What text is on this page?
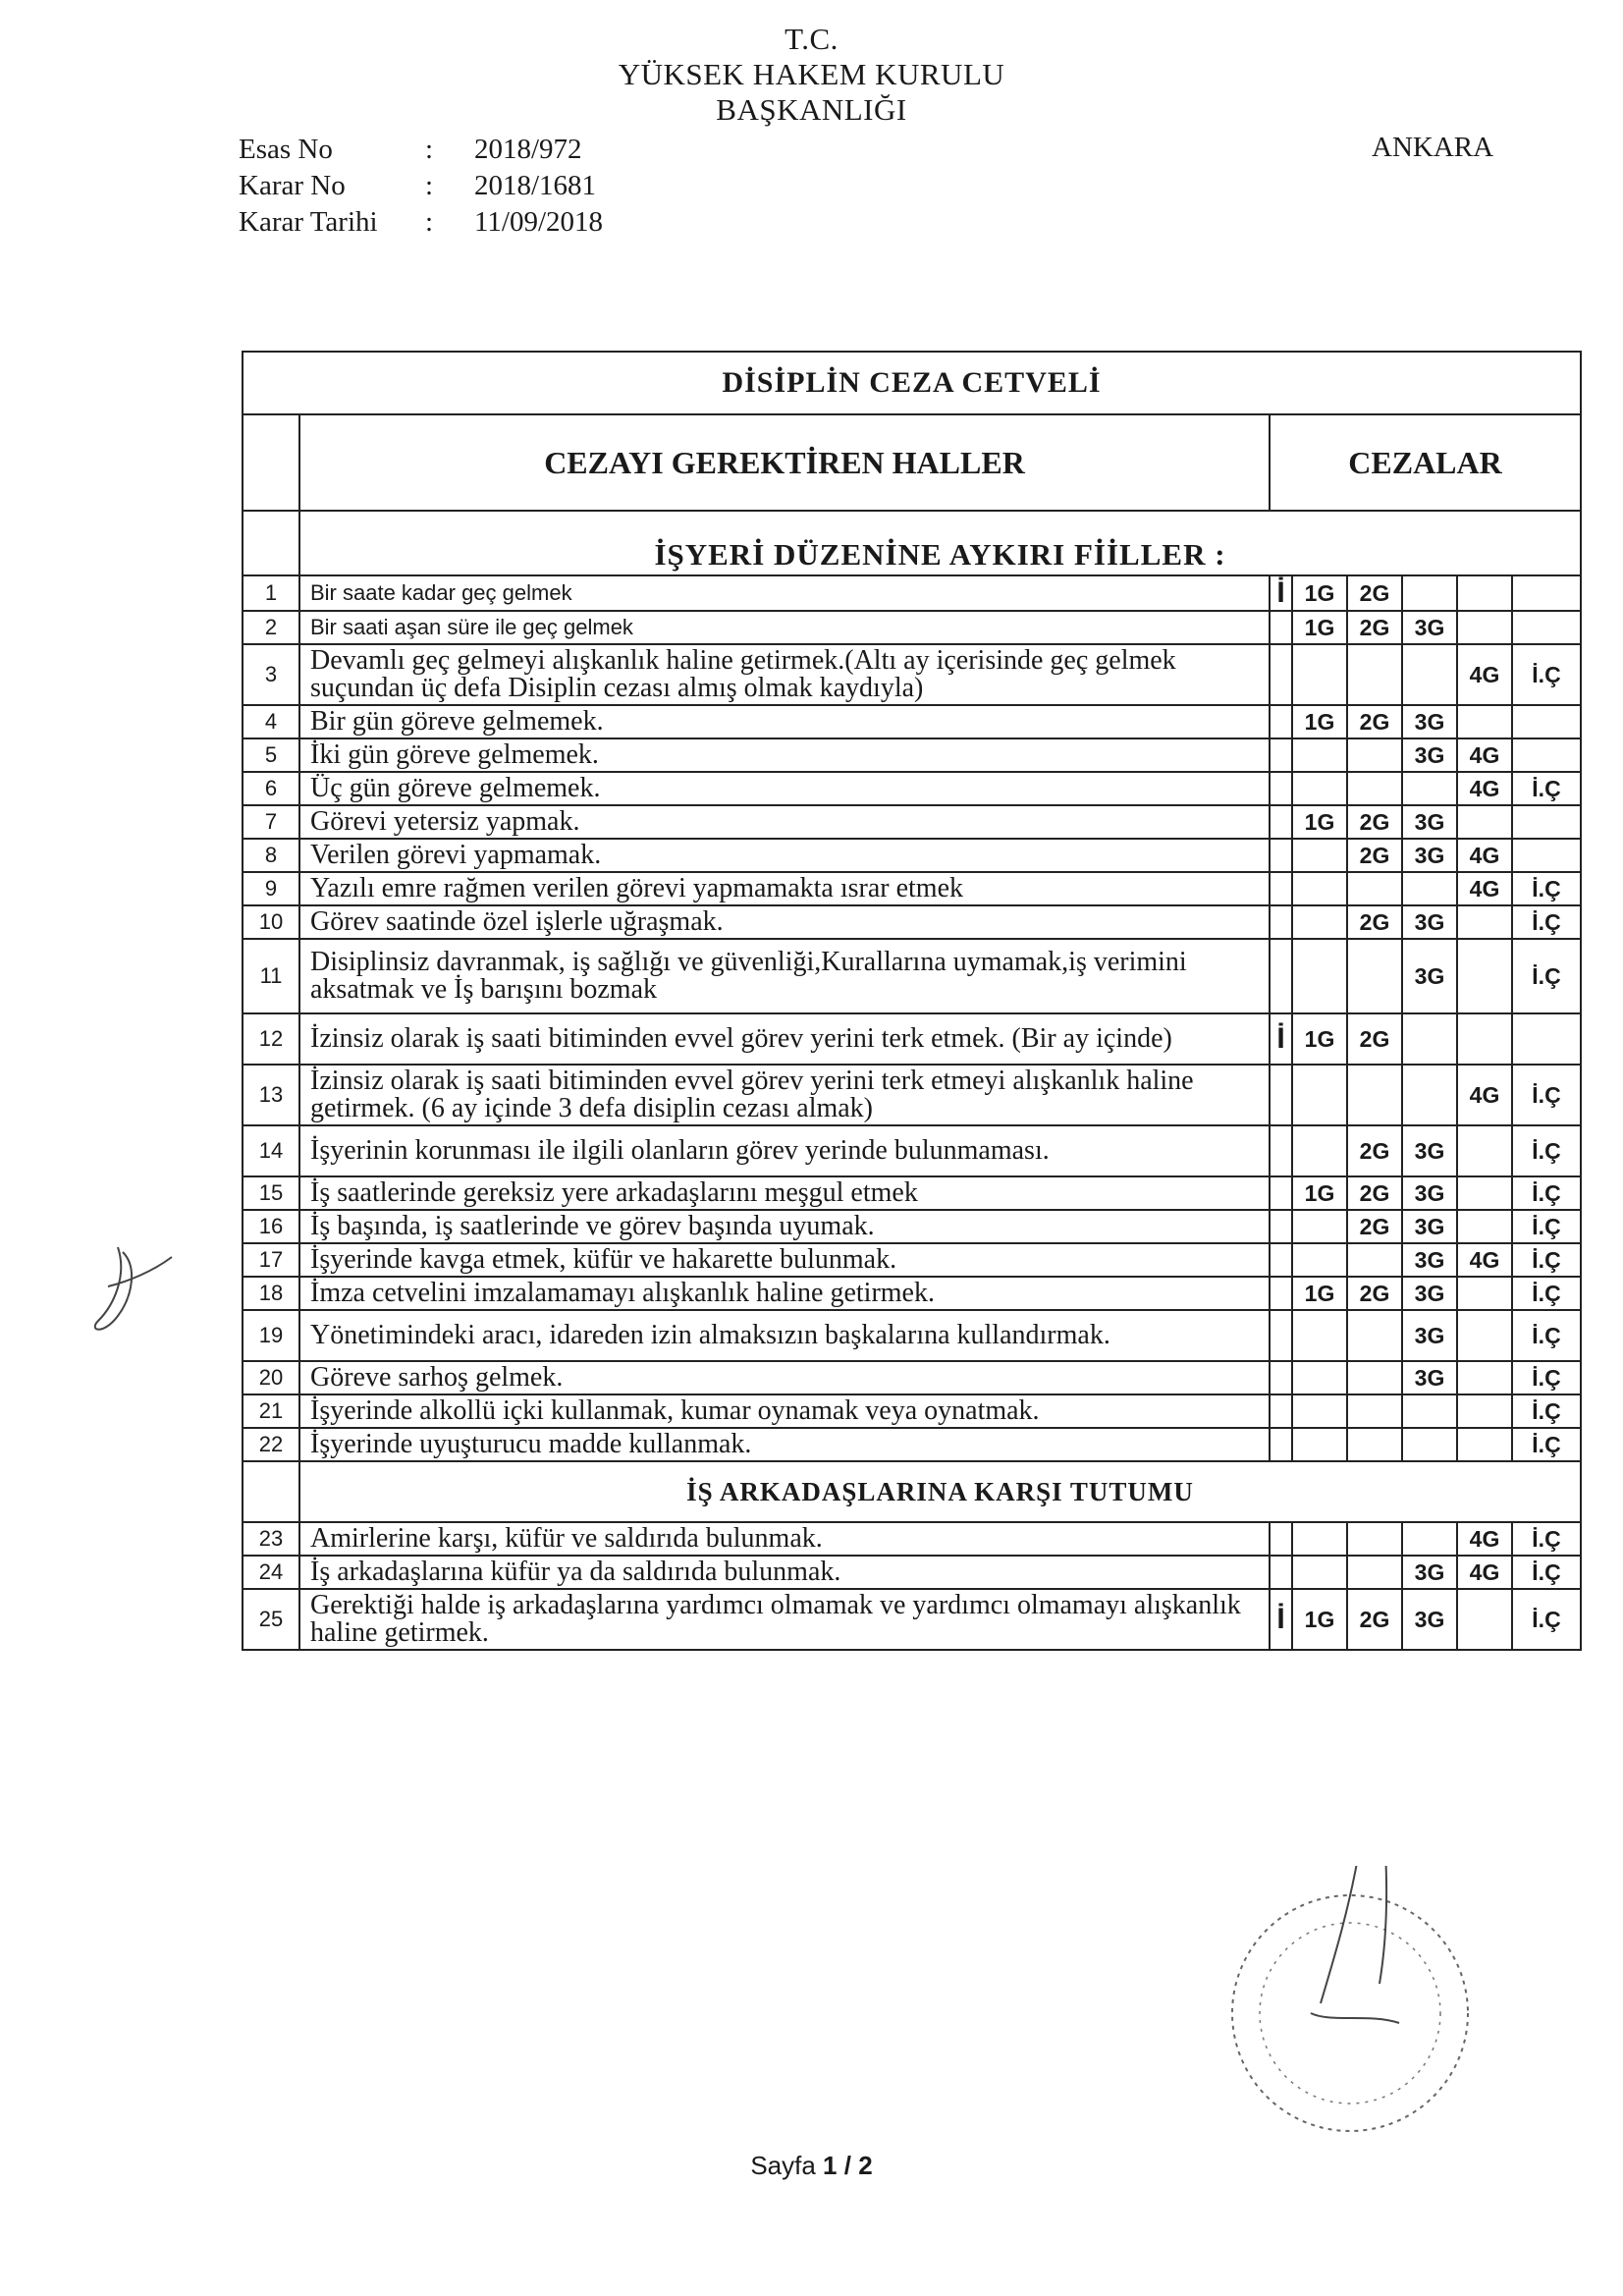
T.C.
YÜKSEK HAKEM KURULU
BAŞKANLIĞI
Esas No	: 2018/972
Karar No	: 2018/1681
Karar Tarihi : 11/09/2018
ANKARA
DİSİPLİN CEZA CETVELİ							
	CEZAYI GEREKTİREN HALLER	CEZALAR					
	İŞYERİ DÜZENİNE AYKIRI FİİLLER :						
1	Bir saate kadar geç gelmek	İ	1G	2G			
2	Bir saati aşan süre ile geç gelmek		1G	2G	3G		
3	Devamlı geç gelmeyi alışkanlık haline getirmek.(Altı ay içerisinde geç gelmek suçundan üç defa Disiplin cezası almış olmak kaydıyla)					4G	İ.Ç
4	Bir gün göreve gelmemek.		1G	2G	3G		
5	İki gün göreve gelmemek.				3G	4G	
6	Üç gün göreve gelmemek.					4G	İ.Ç
7	Görevi yetersiz yapmak.		1G	2G	3G		
8	Verilen görevi yapmamak.			2G	3G	4G	
9	Yazılı emre rağmen verilen görevi yapmamakta ısrar etmek					4G	İ.Ç
10	Görev saatinde özel işlerle uğraşmak.			2G	3G		İ.Ç
11	Disiplinsiz davranmak, iş sağlığı ve güvenliği,Kurallarına uymamak,iş verimini aksatmak ve İş barışını bozmak				3G		İ.Ç
12	İzinsiz olarak iş saati bitiminden evvel görev yerini terk etmek. (Bir ay içinde)	İ	1G	2G			
13	İzinsiz olarak iş saati bitiminden evvel görev yerini terk etmeyi alışkanlık haline getirmek. (6 ay içinde 3 defa disiplin cezası almak)					4G	İ.Ç
14	İşyerinin korunması ile ilgili olanların görev yerinde bulunmaması.			2G	3G		İ.Ç
15	İş saatlerinde gereksiz yere arkadaşlarını meşgul etmek		1G	2G	3G		İ.Ç
16	İş başında, iş saatlerinde ve görev başında uyumak.			2G	3G		İ.Ç
17	İşyerinde kavga etmek, küfür ve hakarette bulunmak.				3G	4G	İ.Ç
18	İmza cetvelini imzalamamayı alışkanlık haline getirmek.		1G	2G	3G		İ.Ç
19	Yönetimindeki aracı, idareden izin almaksızın başkalarına kullandırmak.				3G		İ.Ç
20	Göreve sarhoş gelmek.				3G		İ.Ç
21	İşyerinde alkollü içki kullanmak, kumar oynamak veya oynatmak.						İ.Ç
22	İşyerinde uyuşturucu madde kullanmak.						İ.Ç
	İŞ ARKADAŞLARINA KARŞI TUTUMU						
23	Amirlerine karşı, küfür ve saldırıda bulunmak.					4G	İ.Ç
24	İş arkadaşlarına küfür ya da saldırıda bulunmak.				3G	4G	İ.Ç
25	Gerektiği halde iş arkadaşlarına yardımcı olmamak ve yardımcı olmamayı alışkanlık haline getirmek.	İ	1G	2G	3G		İ.Ç
Sayfa 1 / 2
